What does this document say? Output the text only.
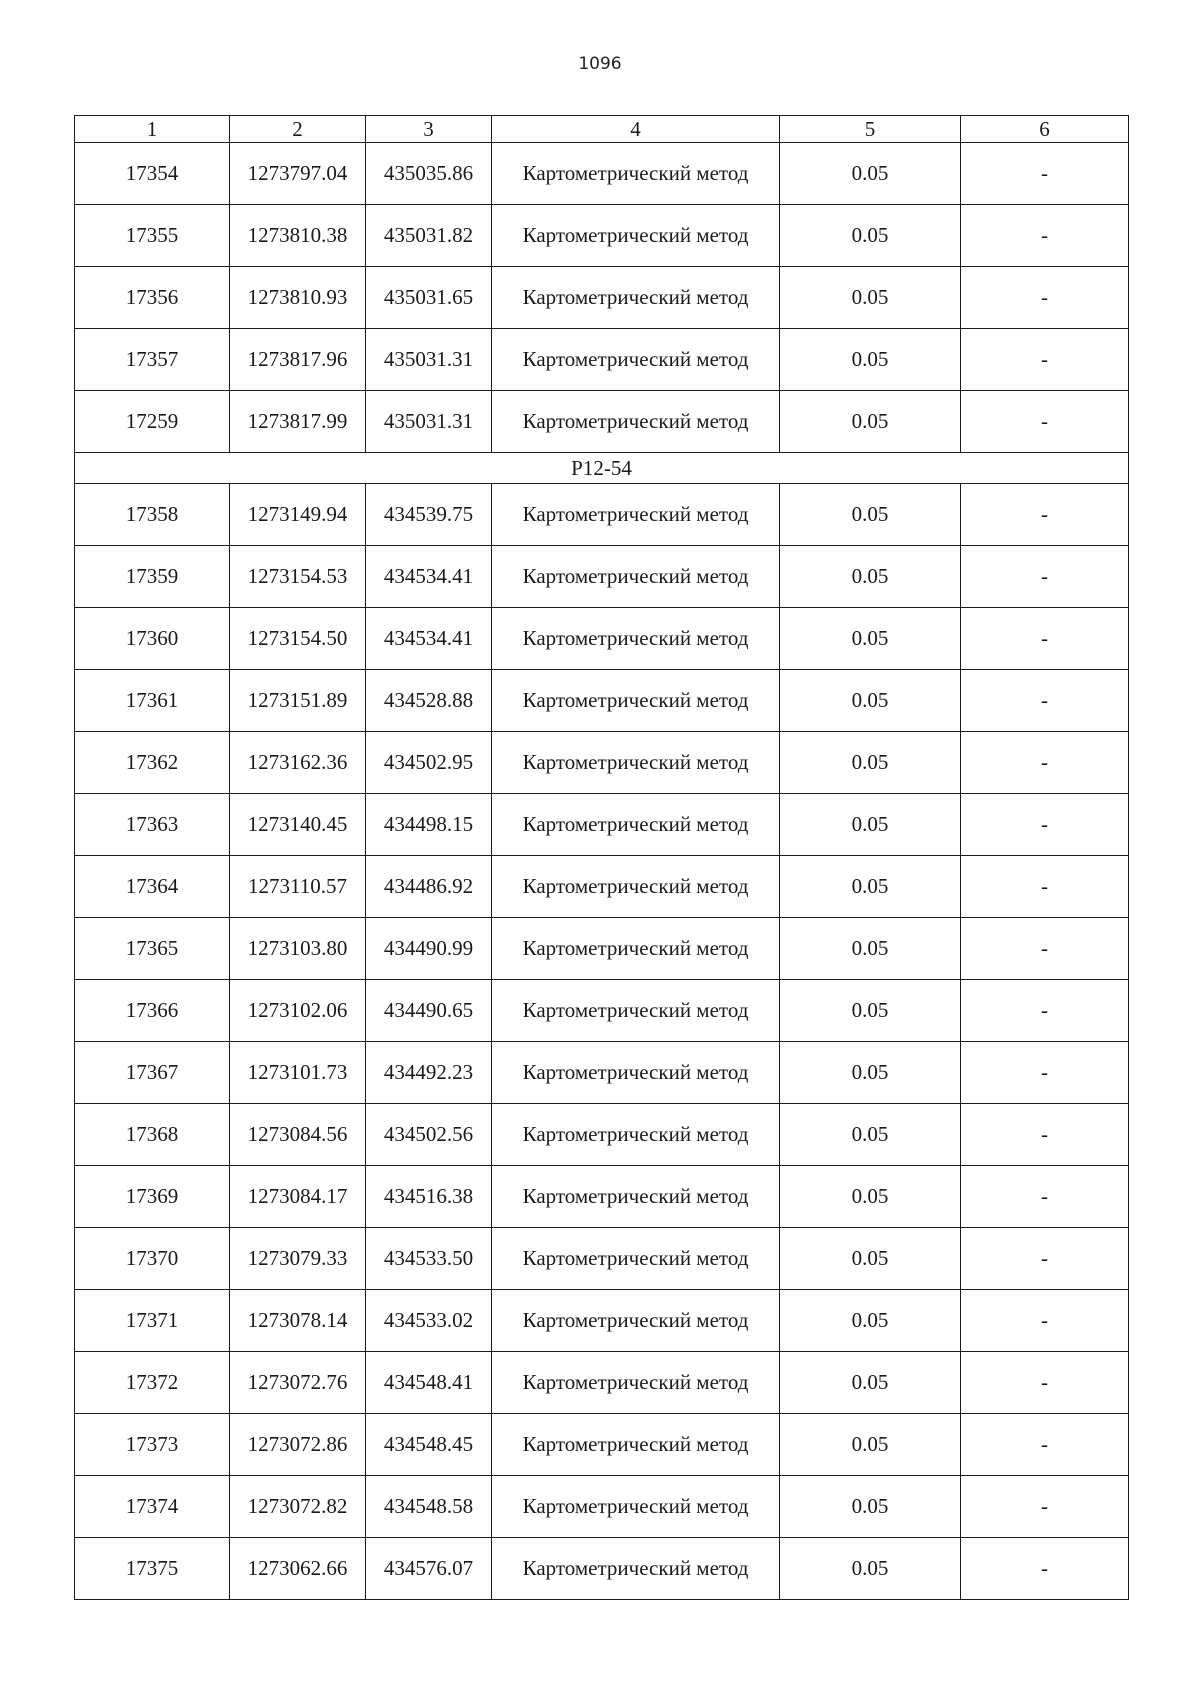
1096
1	2	3	4	5	6
17354	1273797.04	435035.86	Картометрический метод	0.05	-
17355	1273810.38	435031.82	Картометрический метод	0.05	-
17356	1273810.93	435031.65	Картометрический метод	0.05	-
17357	1273817.96	435031.31	Картометрический метод	0.05	-
17259	1273817.99	435031.31	Картометрический метод	0.05	-
Р12-54					
17358	1273149.94	434539.75	Картометрический метод	0.05	-
17359	1273154.53	434534.41	Картометрический метод	0.05	-
17360	1273154.50	434534.41	Картометрический метод	0.05	-
17361	1273151.89	434528.88	Картометрический метод	0.05	-
17362	1273162.36	434502.95	Картометрический метод	0.05	-
17363	1273140.45	434498.15	Картометрический метод	0.05	-
17364	1273110.57	434486.92	Картометрический метод	0.05	-
17365	1273103.80	434490.99	Картометрический метод	0.05	-
17366	1273102.06	434490.65	Картометрический метод	0.05	-
17367	1273101.73	434492.23	Картометрический метод	0.05	-
17368	1273084.56	434502.56	Картометрический метод	0.05	-
17369	1273084.17	434516.38	Картометрический метод	0.05	-
17370	1273079.33	434533.50	Картометрический метод	0.05	-
17371	1273078.14	434533.02	Картометрический метод	0.05	-
17372	1273072.76	434548.41	Картометрический метод	0.05	-
17373	1273072.86	434548.45	Картометрический метод	0.05	-
17374	1273072.82	434548.58	Картометрический метод	0.05	-
17375	1273062.66	434576.07	Картометрический метод	0.05	-
